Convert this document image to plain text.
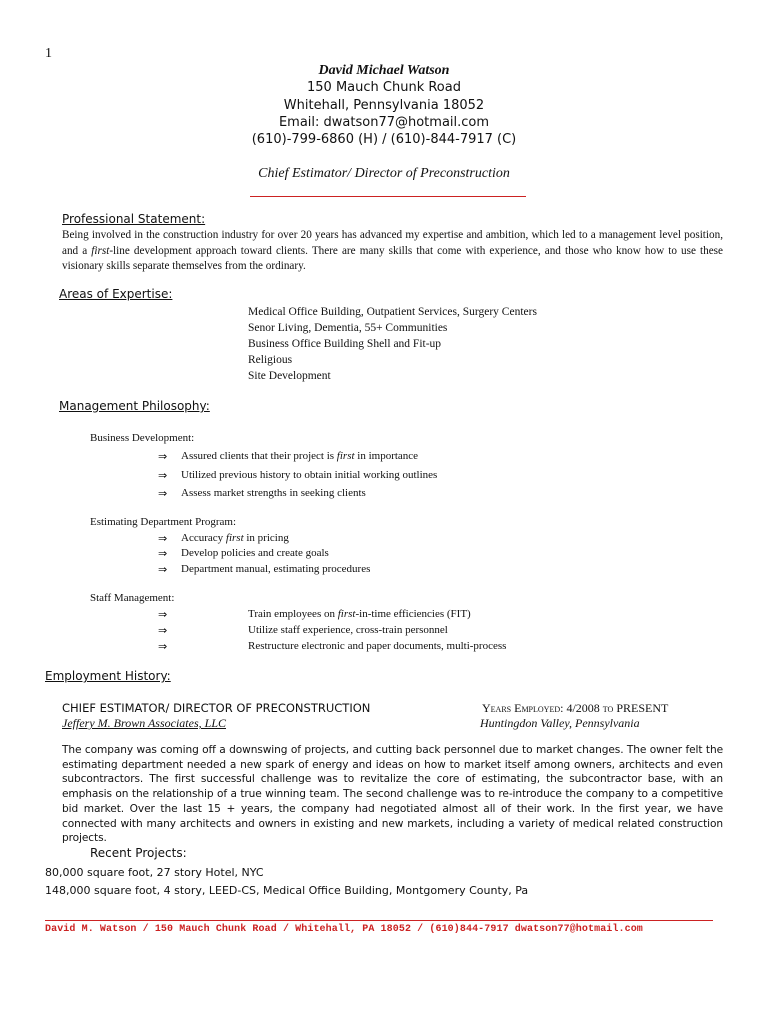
1
David Michael Watson
150 Mauch Chunk Road
Whitehall, Pennsylvania 18052
Email: dwatson77@hotmail.com
(610)-799-6860 (H) / (610)-844-7917 (C)
Chief Estimator/ Director of Preconstruction
Professional Statement:
Being involved in the construction industry for over 20 years has advanced my expertise and ambition, which led to a management level position, and a first-line development approach toward clients. There are many skills that come with experience, and those who know how to use these visionary skills separate themselves from the ordinary.
Areas of Expertise:
Medical Office Building, Outpatient Services, Surgery Centers
Senor Living, Dementia, 55+ Communities
Business Office Building Shell and Fit-up
Religious
Site Development
Management Philosophy:
Business Development:
⇒ Assured clients that their project is first in importance
⇒ Utilized previous history to obtain initial working outlines
⇒ Assess market strengths in seeking clients
Estimating Department Program:
⇒ Accuracy first in pricing
⇒ Develop policies and create goals
⇒ Department manual, estimating procedures
Staff Management:
⇒	Train employees on first-in-time efficiencies (FIT)
⇒	Utilize staff experience, cross-train personnel
⇒	Restructure electronic and paper documents, multi-process
Employment History:
CHIEF ESTIMATOR/ DIRECTOR OF PRECONSTRUCTION	Years Employed: 4/2008 to PRESENT
Jeffery M. Brown Associates, LLC	Huntingdon Valley, Pennsylvania
The company was coming off a downswing of projects, and cutting back personnel due to market changes. The owner felt the estimating department needed a new spark of energy and ideas on how to market itself among owners, architects and even subcontractors. The first successful challenge was to revitalize the core of estimating, the subcontractor base, with an emphasis on the relationship of a true winning team. The second challenge was to re-introduce the company to a competitive bid market. Over the last 15 + years, the company had negotiated almost all of their work. In the first year, we have connected with many architects and owners in existing and new markets, including a variety of medical related construction projects.
Recent Projects:
80,000 square foot, 27 story Hotel, NYC
148,000 square foot, 4 story, LEED-CS, Medical Office Building, Montgomery County, Pa
David M. Watson / 150 Mauch Chunk Road / Whitehall, PA 18052 / (610)844-7917 dwatson77@hotmail.com
